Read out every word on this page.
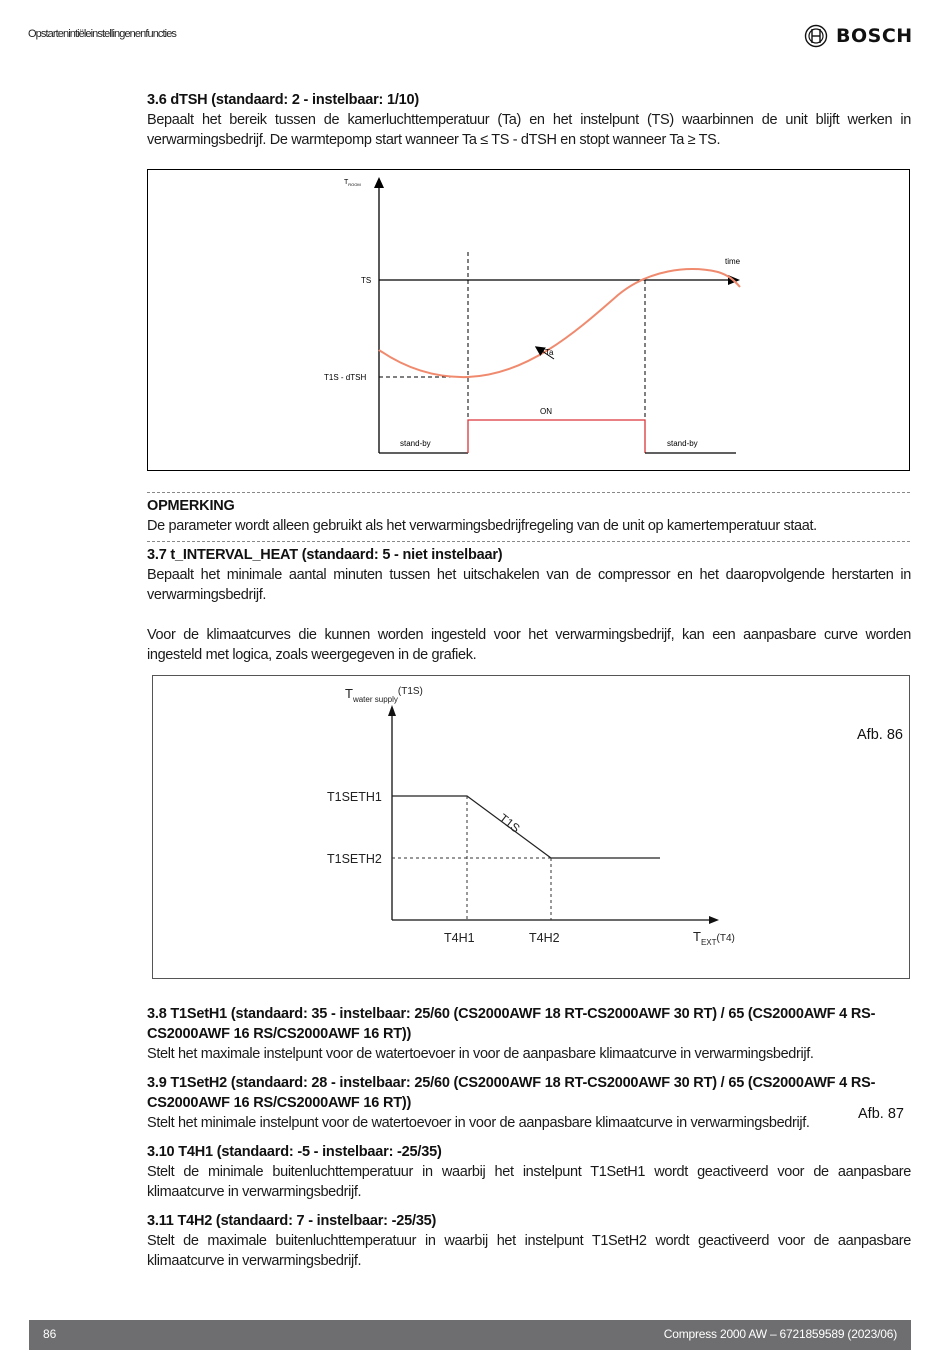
Opstartenintiëleinstellingenenfuncties	BOSCH
3.6 dTSH (standaard: 2 - instelbaar: 1/10)
Bepaalt het bereik tussen de kamerluchttemperatuur (Ta) en het instelpunt (TS) waarbinnen de unit blijft werken in verwarmingsbedrijf. De warmtepomp start wanneer Ta ≤ TS - dTSH en stopt wanneer Ta ≥ TS.
$T_{ROOM}$
time
TS
T1S - dTSH
Ta
ON
stand-by	stand-by
OPMERKING
De parameter wordt alleen gebruikt als het verwarmingsbedrijfregeling van de unit op kamertemperatuur staat.
3.7 t_INTERVAL_HEAT (standaard: 5 - niet instelbaar)
Bepaalt het minimale aantal minuten tussen het uitschakelen van de compressor en het daaropvolgende herstarten in verwarmingsbedrijf.
Voor de klimaatcurves die kunnen worden ingesteld voor het verwarmingsbedrijf, kan een aanpasbare curve worden ingesteld met logica, zoals weergegeven in de grafiek.
$T_{water supply}^{(T1S)}$
$T_{EXT}^{(T4)}$
T1S
T1SETH1
T1SETH2
T4H1	T4H2
Afb. 86
3.8 T1SetH1 (standaard: 35 - instelbaar: 25/60 (CS2000AWF 18 RT-CS2000AWF 30 RT) / 65 (CS2000AWF 4 RS-CS2000AWF 16 RS/CS2000AWF 16 RT))
Stelt het maximale instelpunt voor de watertoevoer in voor de aanpasbare klimaatcurve in verwarmingsbedrijf.
3.9 T1SetH2 (standaard: 28 - instelbaar: 25/60 (CS2000AWF 18 RT-CS2000AWF 30 RT) / 65 (CS2000AWF 4 RS-CS2000AWF 16 RS/CS2000AWF 16 RT))
Stelt het minimale instelpunt voor de watertoevoer in voor de aanpasbare klimaatcurve in verwarmingsbedrijf.
Afb. 87
3.10 T4H1 (standaard: -5 - instelbaar: -25/35)
Stelt de minimale buitenluchttemperatuur in waarbij het instelpunt T1SetH1 wordt geactiveerd voor de aanpasbare klimaatcurve in verwarmingsbedrijf.
3.11 T4H2 (standaard: 7 - instelbaar: -25/35)
Stelt de maximale buitenluchttemperatuur in waarbij het instelpunt T1SetH2 wordt geactiveerd voor de aanpasbare klimaatcurve in verwarmingsbedrijf.
86	Compress 2000 AW – 6721859589 (2023/06)
